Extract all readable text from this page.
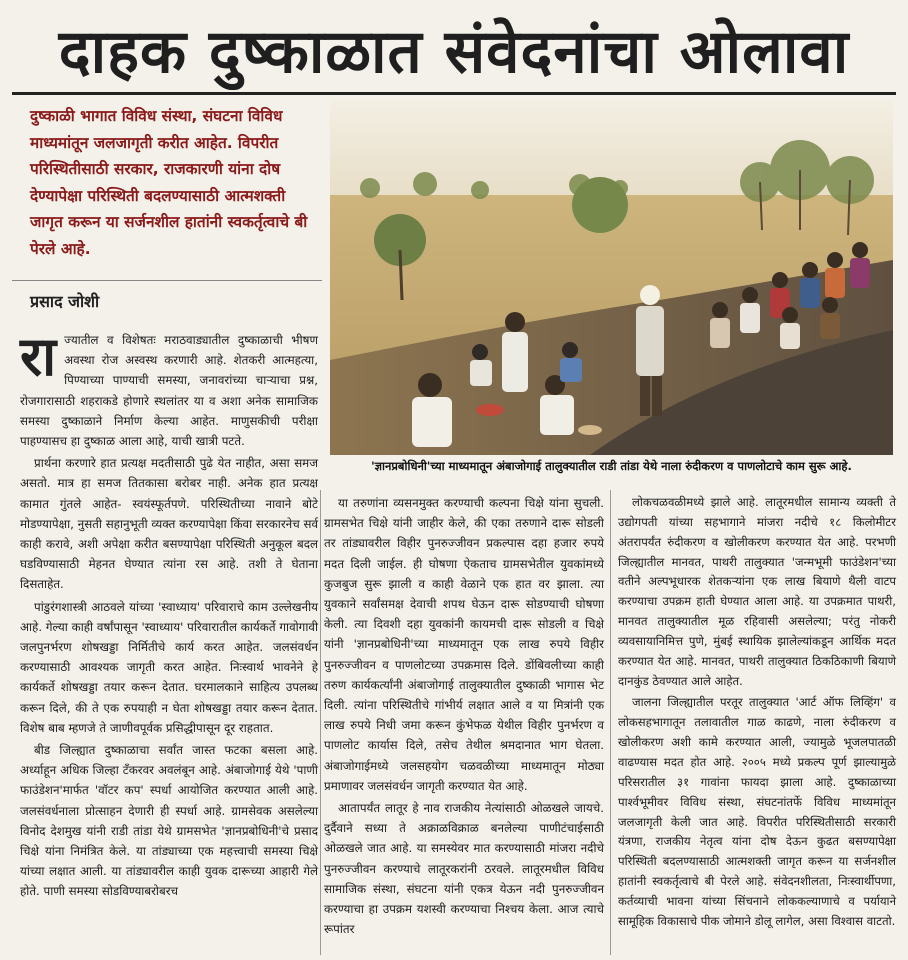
दाहक दुष्काळात संवेदनांचा ओलावा
दुष्काळी भागात विविध संस्था, संघटना विविध माध्यमांतून जलजागृती करीत आहेत. विपरीत परिस्थितीसाठी सरकार, राजकारणी यांना दोष देण्यापेक्षा परिस्थिती बदलण्यासाठी आत्मशक्ती जागृत करून या सर्जनशील हातांनी स्वकर्तृत्वाचे बी पेरले आहे.
प्रसाद जोशी
'ज्ञानप्रबोधिनी'च्या माध्यमातून अंबाजोगाई तालुक्यातील राडी तांडा येथे नाला रुंदीकरण व पाणलोटाचे काम सुरू आहे.

राज्यातील व विशेषतः मराठवाड्यातील दुष्काळाची भीषण अवस्था रोज अस्वस्थ करणारी आहे. शेतकरी आत्महत्या, पिण्याच्या पाण्याची समस्या, जनावरांच्या चाऱ्याचा प्रश्न, रोजगारासाठी शहराकडे होणारे स्थलांतर या व अशा अनेक सामाजिक समस्या दुष्काळाने निर्माण केल्या आहेत. माणुसकीची परीक्षा पाहण्यासच हा दुष्काळ आला आहे, याची खात्री पटते.

प्रार्थना करणारे हात प्रत्यक्ष मदतीसाठी पुढे येत नाहीत, असा समज असतो. मात्र हा समज तितकासा बरोबर नाही. अनेक हात प्रत्यक्ष कामात गुंतले आहेत- स्वयंस्फूर्तपणे. परिस्थितीच्या नावाने बोटे मोडण्यापेक्षा, नुसती सहानुभूती व्यक्त करण्यापेक्षा किंवा सरकारनेच सर्व काही करावे, अशी अपेक्षा करीत बसण्यापेक्षा परिस्थिती अनुकूल बदल घडविण्यासाठी मेहनत घेण्यात त्यांना रस आहे. तशी ते घेताना दिसताहेत.

पांडुरंगशास्त्री आठवले यांच्या 'स्वाध्याय' परिवाराचे काम उल्लेखनीय आहे. गेल्या काही वर्षांपासून 'स्वाध्याय' परिवारातील कार्यकर्ते गावोगावी जलपुनर्भरण शोषखड्डा निर्मितीचे कार्य करत आहेत. जलसंवर्धन करण्यासाठी आवश्यक जागृती करत आहेत. निःस्वार्थ भावनेने हे कार्यकर्ते शोषखड्डा तयार करून देतात. घरमालकाने साहित्य उपलब्ध करून दिले, की ते एक रुपयाही न घेता शोषखड्डा तयार करून देतात. विशेष बाब म्हणजे ते जाणीवपूर्वक प्रसिद्धीपासून दूर राहतात.

बीड जिल्ह्यात दुष्काळाचा सर्वांत जास्त फटका बसला आहे. अर्ध्याहून अधिक जिल्हा टँकरवर अवलंबून आहे. अंबाजोगाई येथे 'पाणी फाउंडेशन'मार्फत 'वॉटर कप' स्पर्धा आयोजित करण्यात आली आहे. जलसंवर्धनाला प्रोत्साहन देणारी ही स्पर्धा आहे. ग्रामसेवक असलेल्या विनोद देशमुख यांनी राडी तांडा येथे ग्रामसभेत 'ज्ञानप्रबोधिनी'चे प्रसाद चिक्षे यांना निमंत्रित केले. या तांड्याच्या एक महत्त्वाची समस्या चिक्षे यांच्या लक्षात आली. या तांड्यावरील काही युवक दारूच्या आहारी गेले होते. पाणी समस्या सोडविण्याबरोबरच

या तरुणांना व्यसनमुक्त करण्याची कल्पना चिक्षे यांना सुचली. ग्रामसभेत चिक्षे यांनी जाहीर केले, की एका तरुणाने दारू सोडली तर तांड्यावरील विहीर पुनरुज्जीवन प्रकल्पास दहा हजार रुपये मदत दिली जाईल. ही घोषणा ऐकताच ग्रामसभेतील युवकांमध्ये कुजबुज सुरू झाली व काही वेळाने एक हात वर झाला. त्या युवकाने सर्वांसमक्ष देवाची शपथ घेऊन दारू सोडण्याची घोषणा केली. त्या दिवशी दहा युवकांनी कायमची दारू सोडली व चिक्षे यांनी 'ज्ञानप्रबोधिनी'च्या माध्यमातून एक लाख रुपये विहीर पुनरुज्जीवन व पाणलोटच्या उपक्रमास दिले. डोंबिवलीच्या काही तरुण कार्यकर्त्यांनी अंबाजोगाई तालुक्यातील दुष्काळी भागास भेट दिली. त्यांना परिस्थितीचे गांभीर्य लक्षात आले व या मित्रांनी एक लाख रुपये निधी जमा करून कुंभेफळ येथील विहीर पुनर्भरण व पाणलोट कार्यास दिले, तसेच तेथील श्रमदानात भाग घेतला. अंबाजोगाईमध्ये जलसहयोग चळवळीच्या माध्यमातून मोठ्या प्रमाणावर जलसंवर्धन जागृती करण्यात येत आहे.

आतापर्यंत लातूर हे नाव राजकीय नेत्यांसाठी ओळखले जायचे. दुर्दैवाने सध्या ते अक्राळविक्राळ बनलेल्या पाणीटंचाईसाठी ओळखले जात आहे. या समस्येवर मात करण्यासाठी मांजरा नदीचे पुनरुज्जीवन करण्याचे लातूरकरांनी ठरवले. लातूरमधील विविध सामाजिक संस्था, संघटना यांनी एकत्र येऊन नदी पुनरुज्जीवन करण्याचा हा उपक्रम यशस्वी करण्याचा निश्चय केला. आज त्याचे रूपांतर

लोकचळवळीमध्ये झाले आहे. लातूरमधील सामान्य व्यक्ती ते उद्योगपती यांच्या सहभागाने मांजरा नदीचे १८ किलोमीटर अंतरापर्यंत रुंदीकरण व खोलीकरण करण्यात येत आहे. परभणी जिल्ह्यातील मानवत, पाथरी तालुक्यात 'जन्मभूमी फाउंडेशन'च्या वतीने अल्पभूधारक शेतकऱ्यांना एक लाख बियाणे थैली वाटप करण्याचा उपक्रम हाती घेण्यात आला आहे. या उपक्रमात पाथरी, मानवत तालुक्यातील मूळ रहिवासी असलेल्या; परंतु नोकरी व्यवसायानिमित्त पुणे, मुंबई स्थायिक झालेल्यांकडून आर्थिक मदत करण्यात येत आहे. मानवत, पाथरी तालुक्यात ठिकठिकाणी बियाणे दानकुंड ठेवण्यात आले आहेत.

जालना जिल्ह्यातील परतूर तालुक्यात 'आर्ट ऑफ लिव्हिंग' व लोकसहभागातून तलावातील गाळ काढणे, नाला रुंदीकरण व खोलीकरण अशी कामे करण्यात आली, ज्यामुळे भूजलपातळी वाढण्यास मदत होत आहे. २००५ मध्ये प्रकल्प पूर्ण झाल्यामुळे परिसरातील ३१ गावांना फायदा झाला आहे. दुष्काळाच्या पार्श्वभूमीवर विविध संस्था, संघटनांतर्फे विविध माध्यमांतून जलजागृती केली जात आहे. विपरीत परिस्थितीसाठी सरकारी यंत्रणा, राजकीय नेतृत्व यांना दोष देऊन कुढत बसण्यापेक्षा परिस्थिती बदलण्यासाठी आत्मशक्ती जागृत करून या सर्जनशील हातांनी स्वकर्तृत्वाचे बी पेरले आहे. संवेदनशीलता, निःस्वार्थीपणा, कर्तव्याची भावना यांच्या सिंचनाने लोककल्याणाचे व पर्यायाने सामूहिक विकासाचे पीक जोमाने डोलू लागेल, असा विश्वास वाटतो.
